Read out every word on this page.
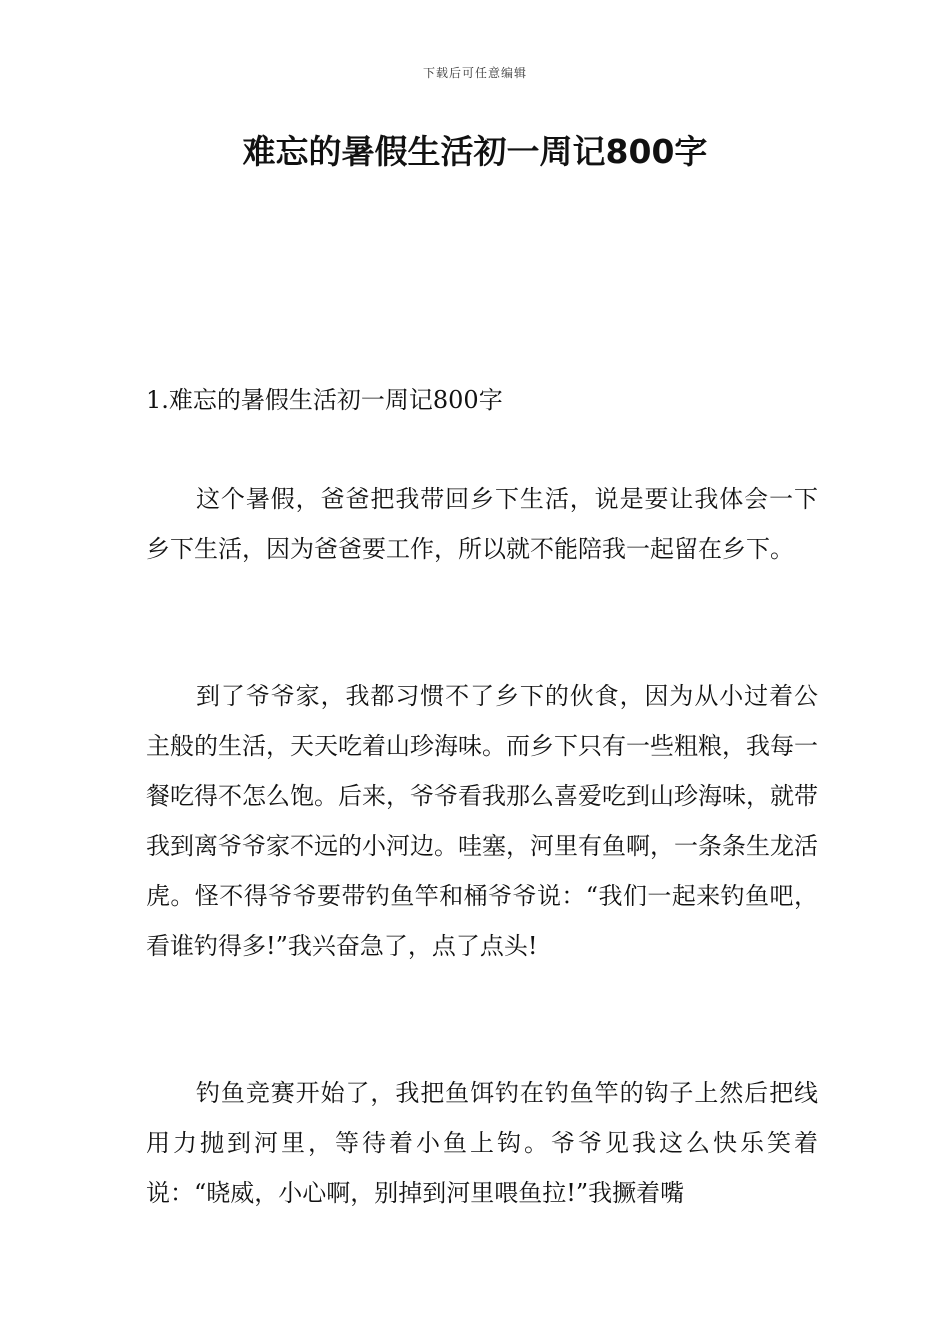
下载后可任意编辑
难忘的暑假生活初一周记800字
1.难忘的暑假生活初一周记800字

这个暑假，爸爸把我带回乡下生活，说是要让我体会一下乡下生活，因为爸爸要工作，所以就不能陪我一起留在乡下。

到了爷爷家，我都习惯不了乡下的伙食，因为从小过着公主般的生活，天天吃着山珍海味。而乡下只有一些粗粮，我每一餐吃得不怎么饱。后来，爷爷看我那么喜爱吃到山珍海味，就带我到离爷爷家不远的小河边。哇塞，河里有鱼啊，一条条生龙活虎。怪不得爷爷要带钓鱼竿和桶爷爷说：“我们一起来钓鱼吧，看谁钓得多!”我兴奋急了，点了点头!

钓鱼竞赛开始了，我把鱼饵钓在钓鱼竿的钩子上然后把线用力抛到河里，等待着小鱼上钩。爷爷见我这么快乐笑着说：“晓威，小心啊，别掉到河里喂鱼拉!”我撅着嘴
